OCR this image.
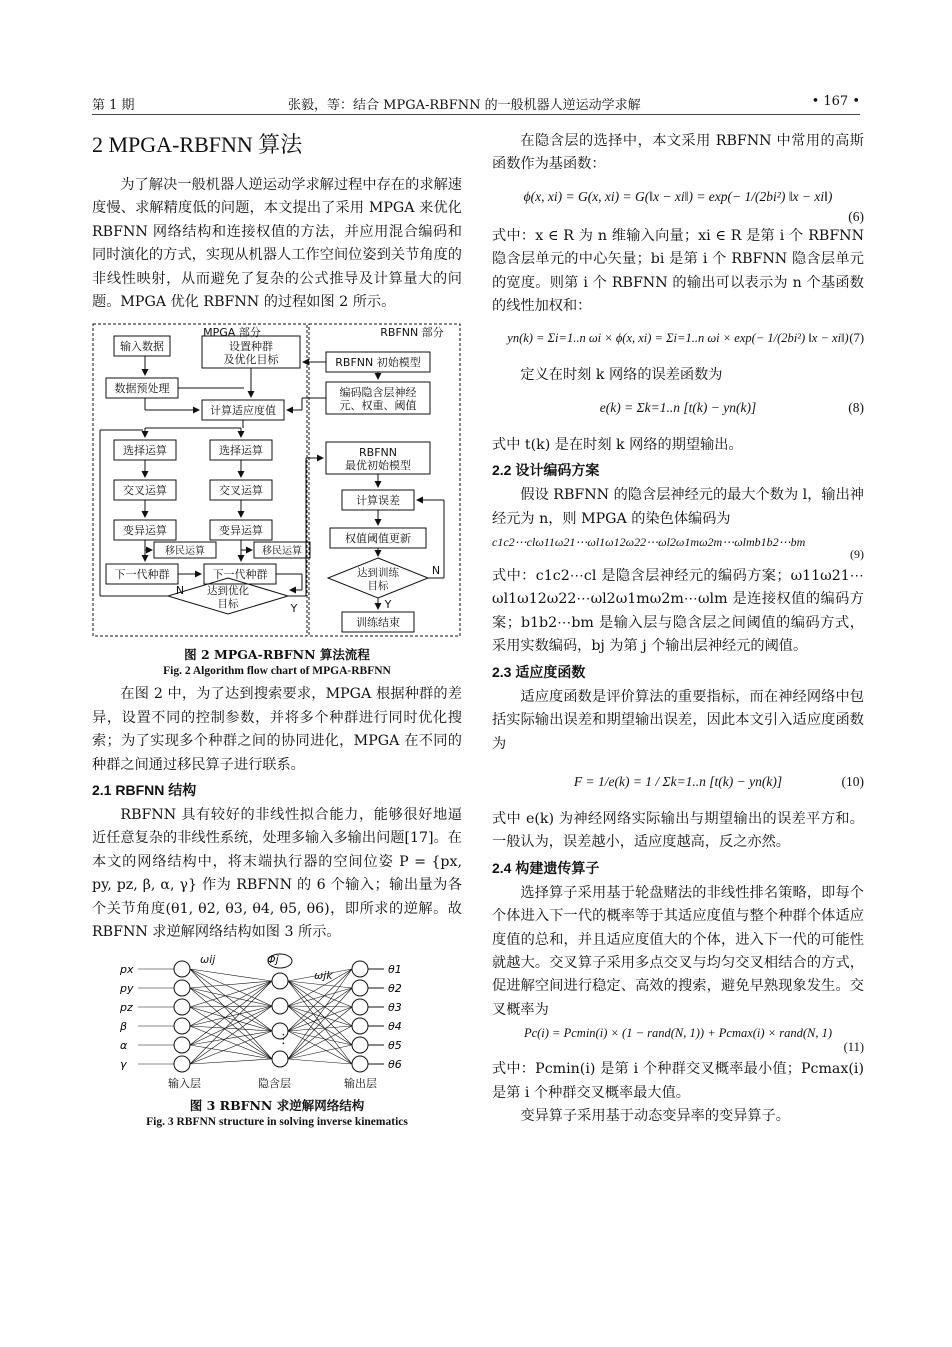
第 1 期	张毅，等：结合 MPGA-RBFNN 的一般机器人逆运动学求解	• 167 •
2 MPGA-RBFNN 算法

为了解决一般机器人逆运动学求解过程中存在的求解速度慢、求解精度低的问题，本文提出了采用 MPGA 来优化 RBFNN 网络结构和连接权值的方法，并应用混合编码和同时演化的方式，实现从机器人工作空间位姿到关节角度的非线性映射，从而避免了复杂的公式推导及计算量大的问题。MPGA 优化 RBFNN 的过程如图 2 所示。

MPGA 部分	RBFNN 部分
输入数据	设置种群
及优化目标
数据预处理
计算适应度值
选择运算	选择运算
交叉运算	交叉运算
变异运算	变异运算
移民运算	移民运算
下一代种群	下一代种群
达到优化
目标
N
Y
RBFNN 初始模型
编码隐含层神经
元、权重、阈值
RBFNN
最优初始模型
计算误差
权值阈值更新
达到训练
目标
N
Y
训练结束
图 2 MPGA-RBFNN 算法流程
Fig. 2 Algorithm flow chart of MPGA-RBFNN

在图 2 中，为了达到搜索要求，MPGA 根据种群的差异，设置不同的控制参数，并将多个种群进行同时优化搜索；为了实现多个种群之间的协同进化，MPGA 在不同的种群之间通过移民算子进行联系。

2.1 RBFNN 结构

RBFNN 具有较好的非线性拟合能力，能够很好地逼近任意复杂的非线性系统，处理多输入多输出问题[17]。在本文的网络结构中，将末端执行器的空间位姿 P = {px, py, pz, β, α, γ} 作为 RBFNN 的 6 个输入；输出量为各个关节角度(θ1, θ2, θ3, θ4, θ5, θ6)，即所求的逆解。故 RBFNN 求逆解网络结构如图 3 所示。

px
py
pz
β
α
γ
θ1
θ2
θ3
θ4
θ5
θ6
ωij
ωjk
Φj
⋮
输入层	隐含层	输出层
图 3 RBFNN 求逆解网络结构
Fig. 3 RBFNN structure in solving inverse kinematics

在隐含层的选择中，本文采用 RBFNN 中常用的高斯函数作为基函数：

ϕ(x, xi) = G(x, xi) = G(‖x − xi‖) = exp(− 1/(2bi²) ‖x − xi‖)
(6)

式中：x ∈ R 为 n 维输入向量；xi ∈ R 是第 i 个 RBFNN 隐含层单元的中心矢量；bi 是第 i 个 RBFNN 隐含层单元的宽度。则第 i 个 RBFNN 的输出可以表示为 n 个基函数的线性加权和：

yn(k) = Σi=1..n ωi × ϕ(x, xi) = Σi=1..n ωi × exp(− 1/(2bi²) ‖x − xi‖) (7)

定义在时刻 k 网络的误差函数为

e(k) = Σk=1..n [t(k) − yn(k)]	(8)

式中 t(k) 是在时刻 k 网络的期望输出。

2.2 设计编码方案

假设 RBFNN 的隐含层神经元的最大个数为 l，输出神经元为 n，则 MPGA 的染色体编码为

c1c2⋯clω11ω21⋯ωl1ω12ω22⋯ωl2ω1mω2m⋯ωlmb1b2⋯bm
(9)

式中：c1c2⋯cl 是隐含层神经元的编码方案；ω11ω21⋯ωl1ω12ω22⋯ωl2ω1mω2m⋯ωlm 是连接权值的编码方案；b1b2⋯bm 是输入层与隐含层之间阈值的编码方式，采用实数编码，bj 为第 j 个输出层神经元的阈值。

2.3 适应度函数

适应度函数是评价算法的重要指标，而在神经网络中包括实际输出误差和期望输出误差，因此本文引入适应度函数为

F = 1/e(k) = 1 / Σk=1..n [t(k) − yn(k)]	(10)

式中 e(k) 为神经网络实际输出与期望输出的误差平方和。一般认为，误差越小，适应度越高，反之亦然。

2.4 构建遗传算子

选择算子采用基于轮盘赌法的非线性排名策略，即每个个体进入下一代的概率等于其适应度值与整个种群个体适应度值的总和，并且适应度值大的个体，进入下一代的可能性就越大。交叉算子采用多点交叉与均匀交叉相结合的方式，促进解空间进行稳定、高效的搜索，避免早熟现象发生。交叉概率为

Pc(i) = Pcmin(i) × (1 − rand(N, 1)) + Pcmax(i) × rand(N, 1)
(11)

式中：Pcmin(i) 是第 i 个种群交叉概率最小值；Pcmax(i) 是第 i 个种群交叉概率最大值。

变异算子采用基于动态变异率的变异算子。
